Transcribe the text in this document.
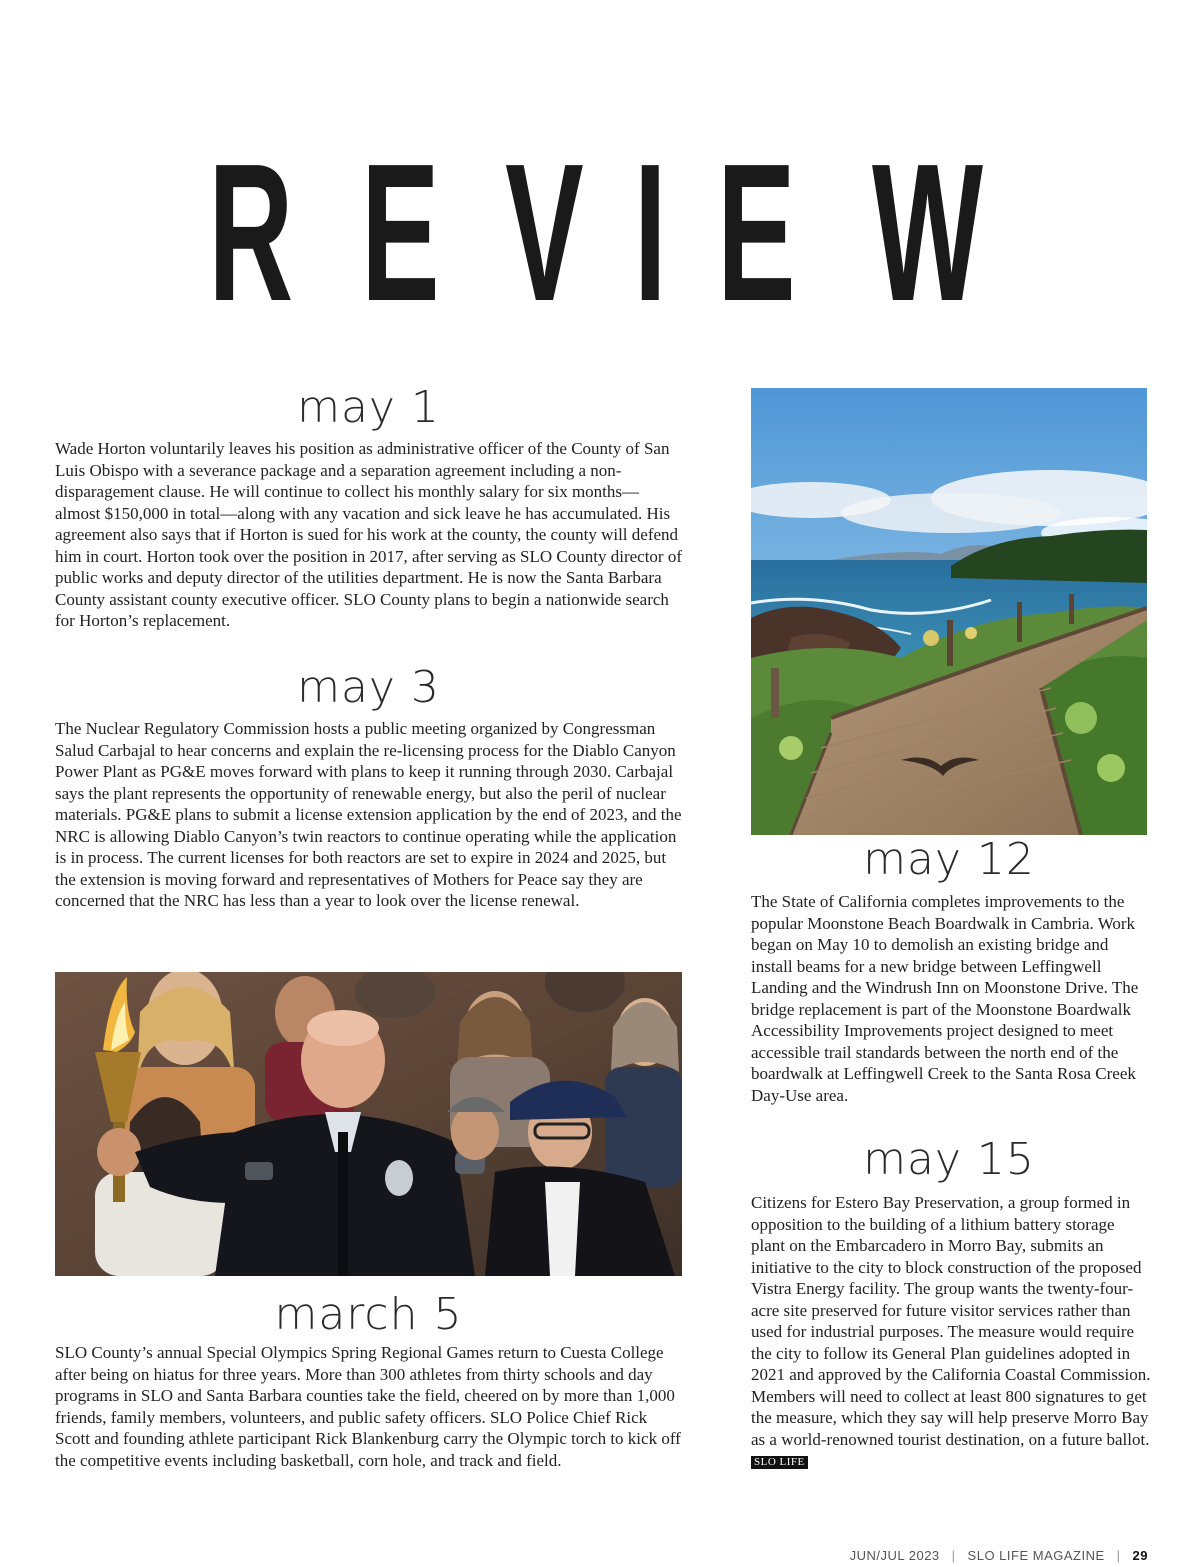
R E V I E W
may 1

Wade Horton voluntarily leaves his position as administrative officer of the County of San Luis Obispo with a severance package and a separation agreement including a non-disparagement clause. He will continue to collect his monthly salary for six months—almost $150,000 in total—along with any vacation and sick leave he has accumulated. His agreement also says that if Horton is sued for his work at the county, the county will defend him in court. Horton took over the position in 2017, after serving as SLO County director of public works and deputy director of the utilities department. He is now the Santa Barbara County assistant county executive officer. SLO County plans to begin a nationwide search for Horton’s replacement.

may 3

The Nuclear Regulatory Commission hosts a public meeting organized by Congressman Salud Carbajal to hear concerns and explain the re-licensing process for the Diablo Canyon Power Plant as PG&E moves forward with plans to keep it running through 2030. Carbajal says the plant represents the opportunity of renewable energy, but also the peril of nuclear materials. PG&E plans to submit a license extension application by the end of 2023, and the NRC is allowing Diablo Canyon’s twin reactors to continue operating while the application is in process. The current licenses for both reactors are set to expire in 2024 and 2025, but the extension is moving forward and representatives of Mothers for Peace say they are concerned that the NRC has less than a year to look over the license renewal.

march 5

SLO County’s annual Special Olympics Spring Regional Games return to Cuesta College after being on hiatus for three years. More than 300 athletes from thirty schools and day programs in SLO and Santa Barbara counties take the field, cheered on by more than 1,000 friends, family members, volunteers, and public safety officers. SLO Police Chief Rick Scott and founding athlete participant Rick Blankenburg carry the Olympic torch to kick off the competitive events including basketball, corn hole, and track and field.

may 12

The State of California completes improvements to the popular Moonstone Beach Boardwalk in Cambria. Work began on May 10 to demolish an existing bridge and install beams for a new bridge between Leffingwell Landing and the Windrush Inn on Moonstone Drive. The bridge replacement is part of the Moonstone Boardwalk Accessibility Improvements project designed to meet accessible trail standards between the north end of the boardwalk at Leffingwell Creek to the Santa Rosa Creek Day-Use area.

may 15

Citizens for Estero Bay Preservation, a group formed in opposition to the building of a lithium battery storage plant on the Embarcadero in Morro Bay, submits an initiative to the city to block construction of the proposed Vistra Energy facility. The group wants the twenty-four-acre site preserved for future visitor services rather than used for industrial purposes. The measure would require the city to follow its General Plan guidelines adopted in 2021 and approved by the California Coastal Commission. Members will need to collect at least 800 signatures to get the measure, which they say will help preserve Morro Bay as a world-renowned tourist destination, on a future ballot. SLO LIFE

JUN/JUL 2023 | SLO LIFE MAGAZINE | 29
